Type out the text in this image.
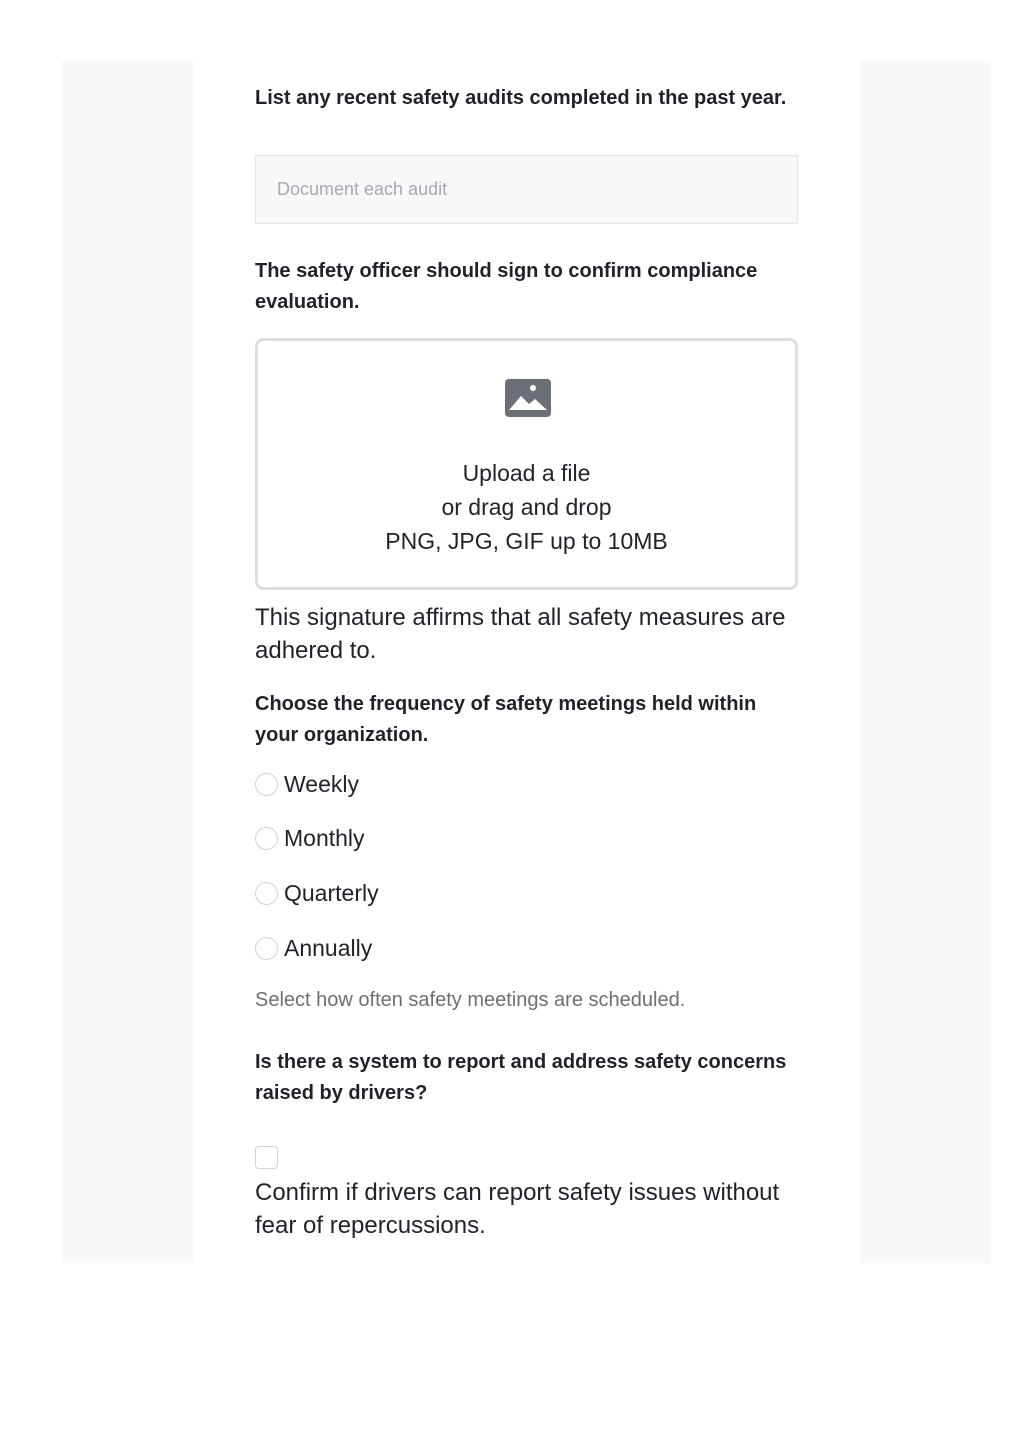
List any recent safety audits completed in the past year.

Document each audit

The safety officer should sign to confirm compliance evaluation.

Upload a file
or drag and drop
PNG, JPG, GIF up to 10MB

This signature affirms that all safety measures are adhered to.

Choose the frequency of safety meetings held within your organization.

Weekly
Monthly
Quarterly
Annually

Select how often safety meetings are scheduled.

Is there a system to report and address safety concerns raised by drivers?

Confirm if drivers can report safety issues without fear of repercussions.
